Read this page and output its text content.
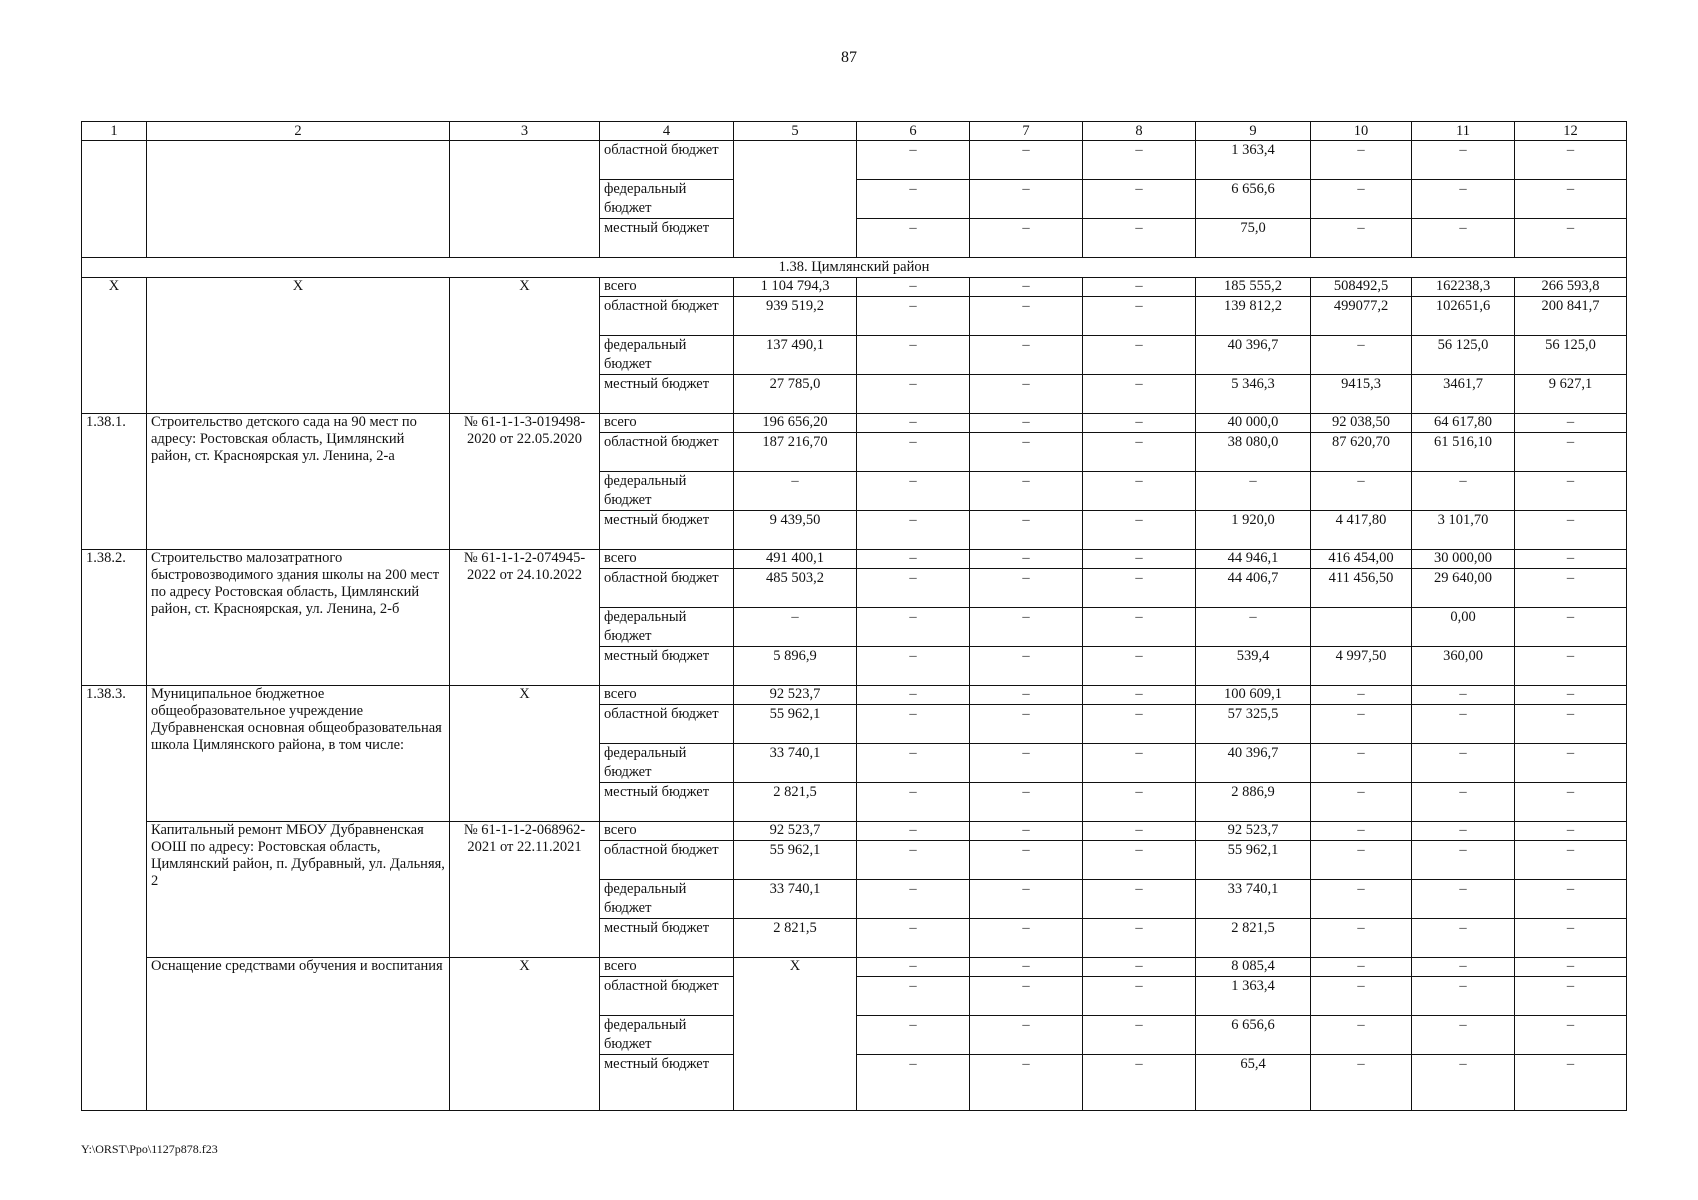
87
1	2	3	4	5	6	7	8	9	10	11	12
			областной бюджет		–	–	–	1 363,4	–	–	–
			федеральный бюджет		–	–	–	6 656,6	–	–	–
			местный бюджет		–	–	–	75,0	–	–	–
1.38. Цимлянский район											
Х	Х	Х	всего	1 104 794,3	–	–	–	185 555,2	508492,5	162238,3	266 593,8
			областной бюджет	939 519,2	–	–	–	139 812,2	499077,2	102651,6	200 841,7
			федеральный бюджет	137 490,1	–	–	–	40 396,7	–	56 125,0	56 125,0
			местный бюджет	27 785,0	–	–	–	5 346,3	9415,3	3461,7	9 627,1
1.38.1.	Строительство детского сада на 90 мест по адресу: Ростовская область, Цимлянский район, ст. Красноярская ул. Ленина, 2-а	№ 61-1-1-3-019498-2020 от 22.05.2020	всего	196 656,20	–	–	–	40 000,0	92 038,50	64 617,80	–
			областной бюджет	187 216,70	–	–	–	38 080,0	87 620,70	61 516,10	–
			федеральный бюджет	–	–	–	–	–	–	–	–
			местный бюджет	9 439,50	–	–	–	1 920,0	4 417,80	3 101,70	–
1.38.2.	Строительство малозатратного быстровозводимого здания школы на 200 мест по адресу Ростовская область, Цимлянский район, ст. Красноярская, ул. Ленина, 2-б	№ 61-1-1-2-074945-2022 от 24.10.2022	всего	491 400,1	–	–	–	44 946,1	416 454,00	30 000,00	–
			областной бюджет	485 503,2	–	–	–	44 406,7	411 456,50	29 640,00	–
			федеральный бюджет	–	–	–	–	–		0,00	–
			местный бюджет	5 896,9	–	–	–	539,4	4 997,50	360,00	–
1.38.3.	Муниципальное бюджетное общеобразовательное учреждение Дубравненская основная общеобразовательная школа Цимлянского района, в том числе:	Х	всего	92 523,7	–	–	–	100 609,1	–	–	–
			областной бюджет	55 962,1	–	–	–	57 325,5	–	–	–
			федеральный бюджет	33 740,1	–	–	–	40 396,7	–	–	–
			местный бюджет	2 821,5	–	–	–	2 886,9	–	–	–
	Капитальный ремонт МБОУ Дубравненская ООШ по адресу: Ростовская область, Цимлянский район, п. Дубравный, ул. Дальняя, 2	№ 61-1-1-2-068962-2021 от 22.11.2021	всего	92 523,7	–	–	–	92 523,7	–	–	–
			областной бюджет	55 962,1	–	–	–	55 962,1	–	–	–
			федеральный бюджет	33 740,1	–	–	–	33 740,1	–	–	–
			местный бюджет	2 821,5	–	–	–	2 821,5	–	–	–
	Оснащение средствами обучения и воспитания	Х	всего	Х	–	–	–	8 085,4	–	–	–
			областной бюджет		–	–	–	1 363,4	–	–	–
			федеральный бюджет		–	–	–	6 656,6	–	–	–
			местный бюджет		–	–	–	65,4	–	–	–
Y:\ORST\Ppo\1127p878.f23
